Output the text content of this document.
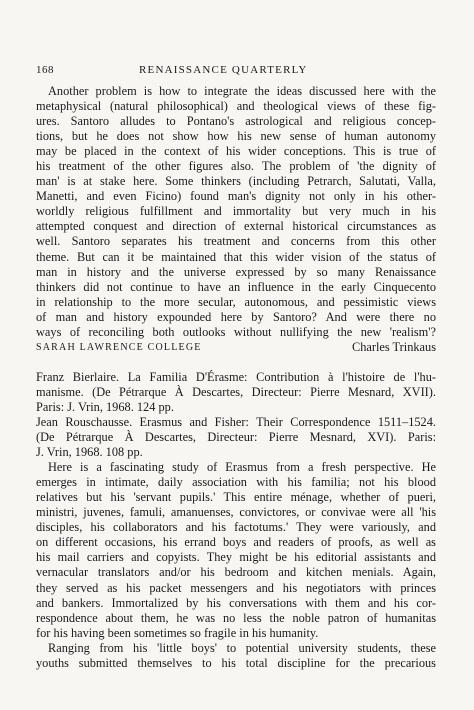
168	RENAISSANCE QUARTERLY
Another problem is how to integrate the ideas discussed here with the
metaphysical (natural philosophical) and theological views of these fig-
ures. Santoro alludes to Pontano's astrological and religious concep-
tions, but he does not show how his new sense of human autonomy
may be placed in the context of his wider conceptions. This is true of
his treatment of the other figures also. The problem of 'the dignity of
man' is at stake here. Some thinkers (including Petrarch, Salutati, Valla,
Manetti, and even Ficino) found man's dignity not only in his other-
worldly religious fulfillment and immortality but very much in his
attempted conquest and direction of external historical circumstances as
well. Santoro separates his treatment and concerns from this other
theme. But can it be maintained that this wider vision of the status of
man in history and the universe expressed by so many Renaissance
thinkers did not continue to have an influence in the early Cinquecento
in relationship to the more secular, autonomous, and pessimistic views
of man and history expounded here by Santoro? And were there no
ways of reconciling both outlooks without nullifying the new 'realism'?
SARAH LAWRENCE COLLEGE	Charles Trinkaus
Franz Bierlaire. La Familia D'Érasme: Contribution à l'histoire de l'hu-
manisme. (De Pétrarque À Descartes, Directeur: Pierre Mesnard, XVII).
Paris: J. Vrin, 1968. 124 pp.
Jean Rouschausse. Erasmus and Fisher: Their Correspondence 1511–1524.
(De Pétrarque À Descartes, Directeur: Pierre Mesnard, XVI). Paris:
J. Vrin, 1968. 108 pp.
Here is a fascinating study of Erasmus from a fresh perspective. He
emerges in intimate, daily association with his familia; not his blood
relatives but his 'servant pupils.' This entire ménage, whether of pueri,
ministri, juvenes, famuli, amanuenses, convictores, or convivae were all 'his
disciples, his collaborators and his factotums.' They were variously, and
on different occasions, his errand boys and readers of proofs, as well as
his mail carriers and copyists. They might be his editorial assistants and
vernacular translators and/or his bedroom and kitchen menials. Again,
they served as his packet messengers and his negotiators with princes
and bankers. Immortalized by his conversations with them and his cor-
respondence about them, he was no less the noble patron of humanitas
for his having been sometimes so fragile in his humanity.
Ranging from his 'little boys' to potential university students, these
youths submitted themselves to his total discipline for the precarious
